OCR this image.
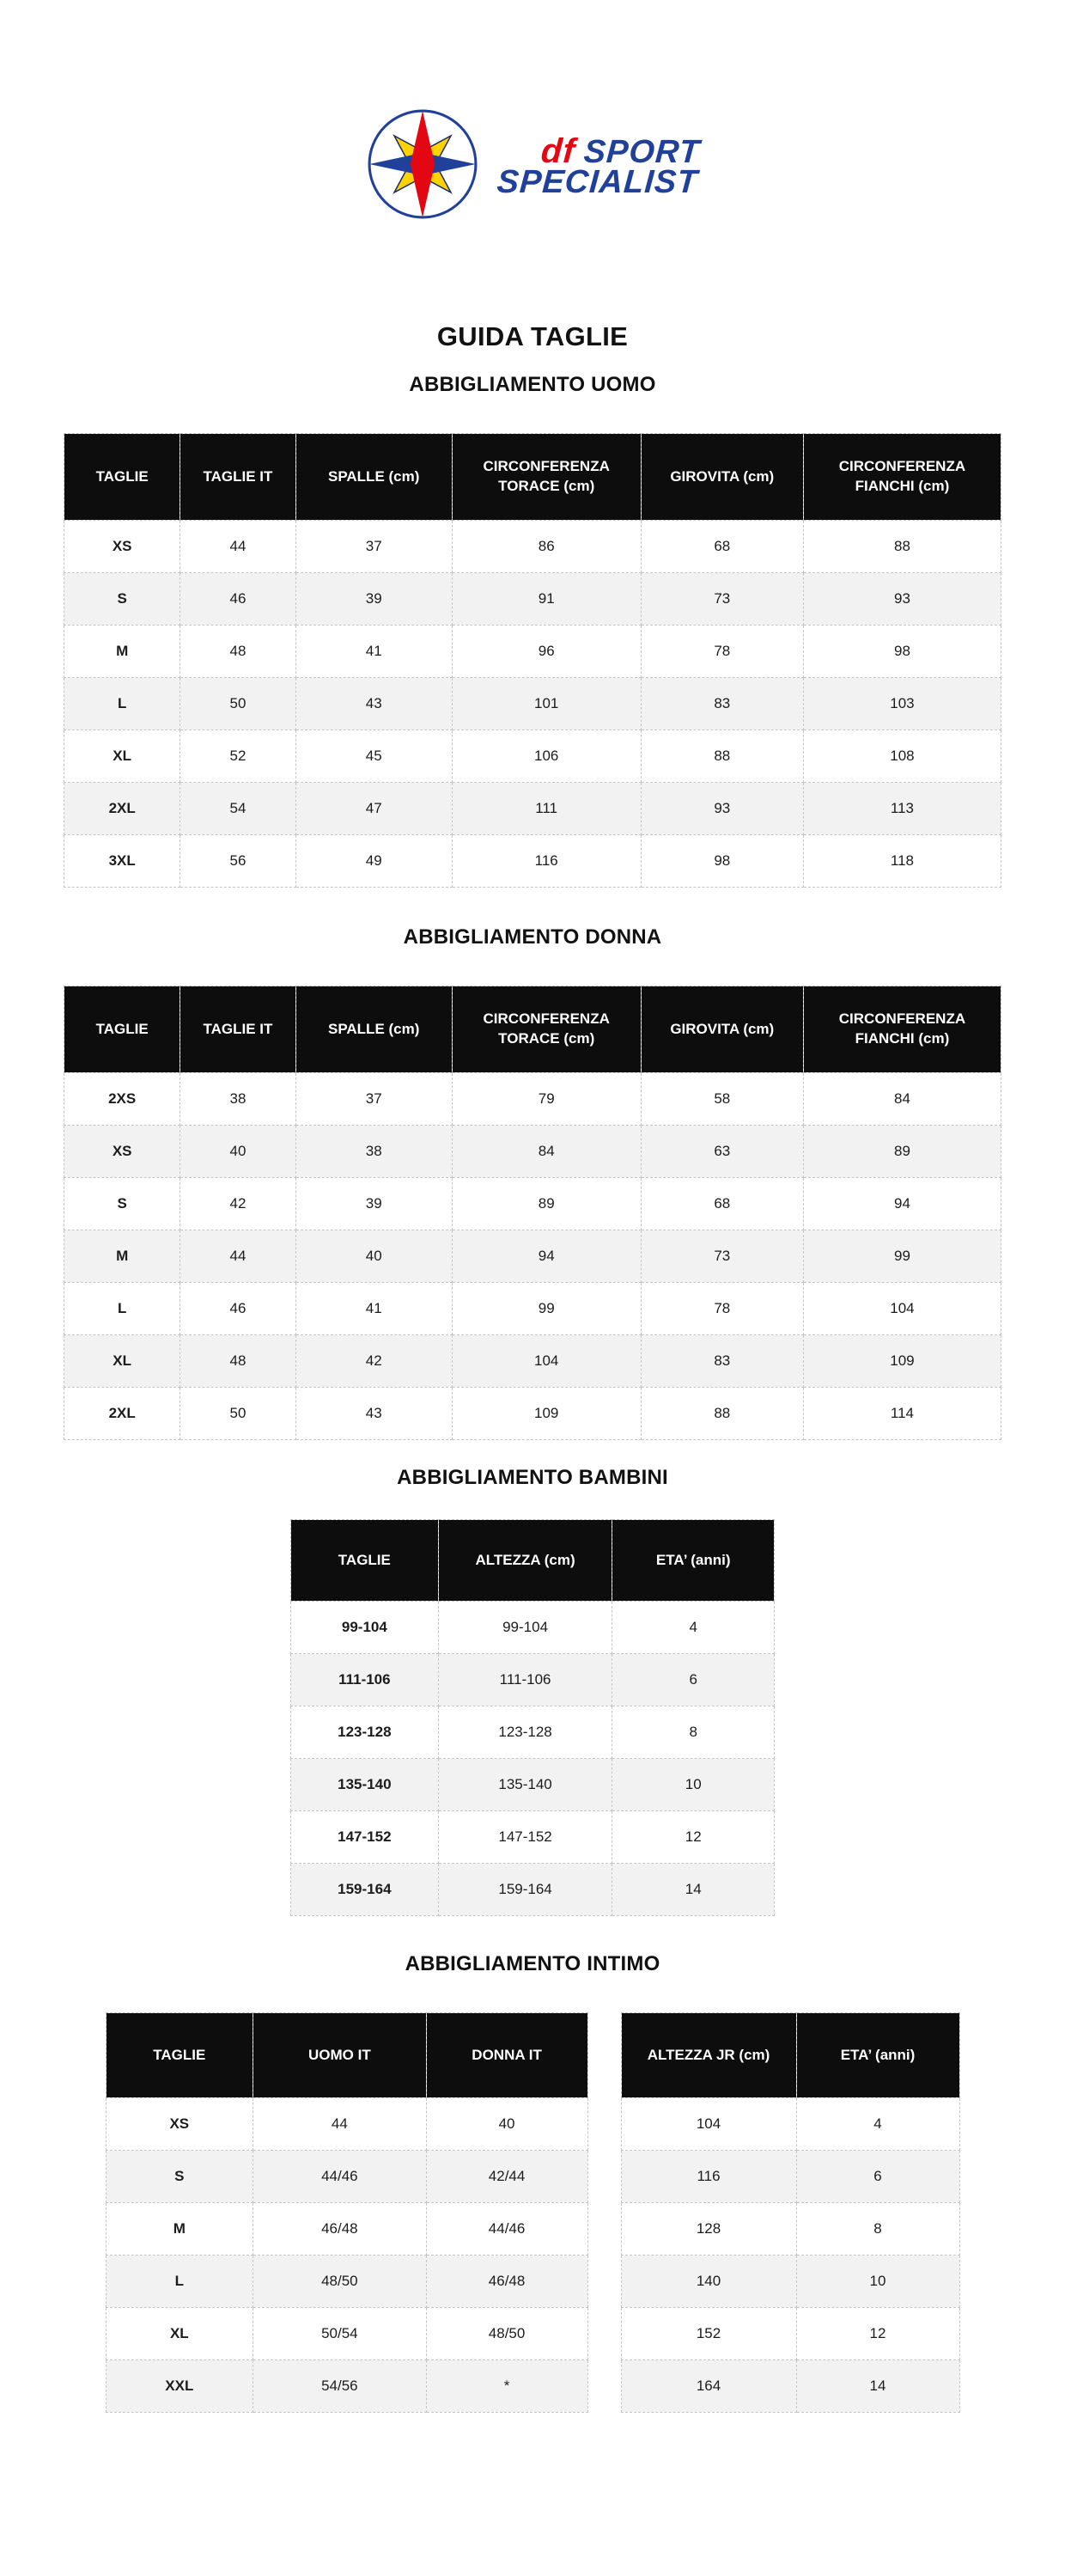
df SPORT
SPECIALIST
GUIDA TAGLIE
ABBIGLIAMENTO UOMO
TAGLIE	TAGLIE IT	SPALLE (cm)	CIRCONFERENZA TORACE (cm)	GIROVITA (cm)	CIRCONFERENZA FIANCHI (cm)
XS	44	37	86	68	88
S	46	39	91	73	93
M	48	41	96	78	98
L	50	43	101	83	103
XL	52	45	106	88	108
2XL	54	47	111	93	113
3XL	56	49	116	98	118
ABBIGLIAMENTO DONNA
TAGLIE	TAGLIE IT	SPALLE (cm)	CIRCONFERENZA TORACE (cm)	GIROVITA (cm)	CIRCONFERENZA FIANCHI (cm)
2XS	38	37	79	58	84
XS	40	38	84	63	89
S	42	39	89	68	94
M	44	40	94	73	99
L	46	41	99	78	104
XL	48	42	104	83	109
2XL	50	43	109	88	114
ABBIGLIAMENTO BAMBINI
TAGLIE	ALTEZZA (cm)	ETA’ (anni)
99-104	99-104	4
111-106	111-106	6
123-128	123-128	8
135-140	135-140	10
147-152	147-152	12
159-164	159-164	14
ABBIGLIAMENTO INTIMO
TAGLIE	UOMO IT	DONNA IT
XS	44	40
S	44/46	42/44
M	46/48	44/46
L	48/50	46/48
XL	50/54	48/50
XXL	54/56	*
ALTEZZA JR (cm)	ETA’ (anni)
104	4
116	6
128	8
140	10
152	12
164	14
